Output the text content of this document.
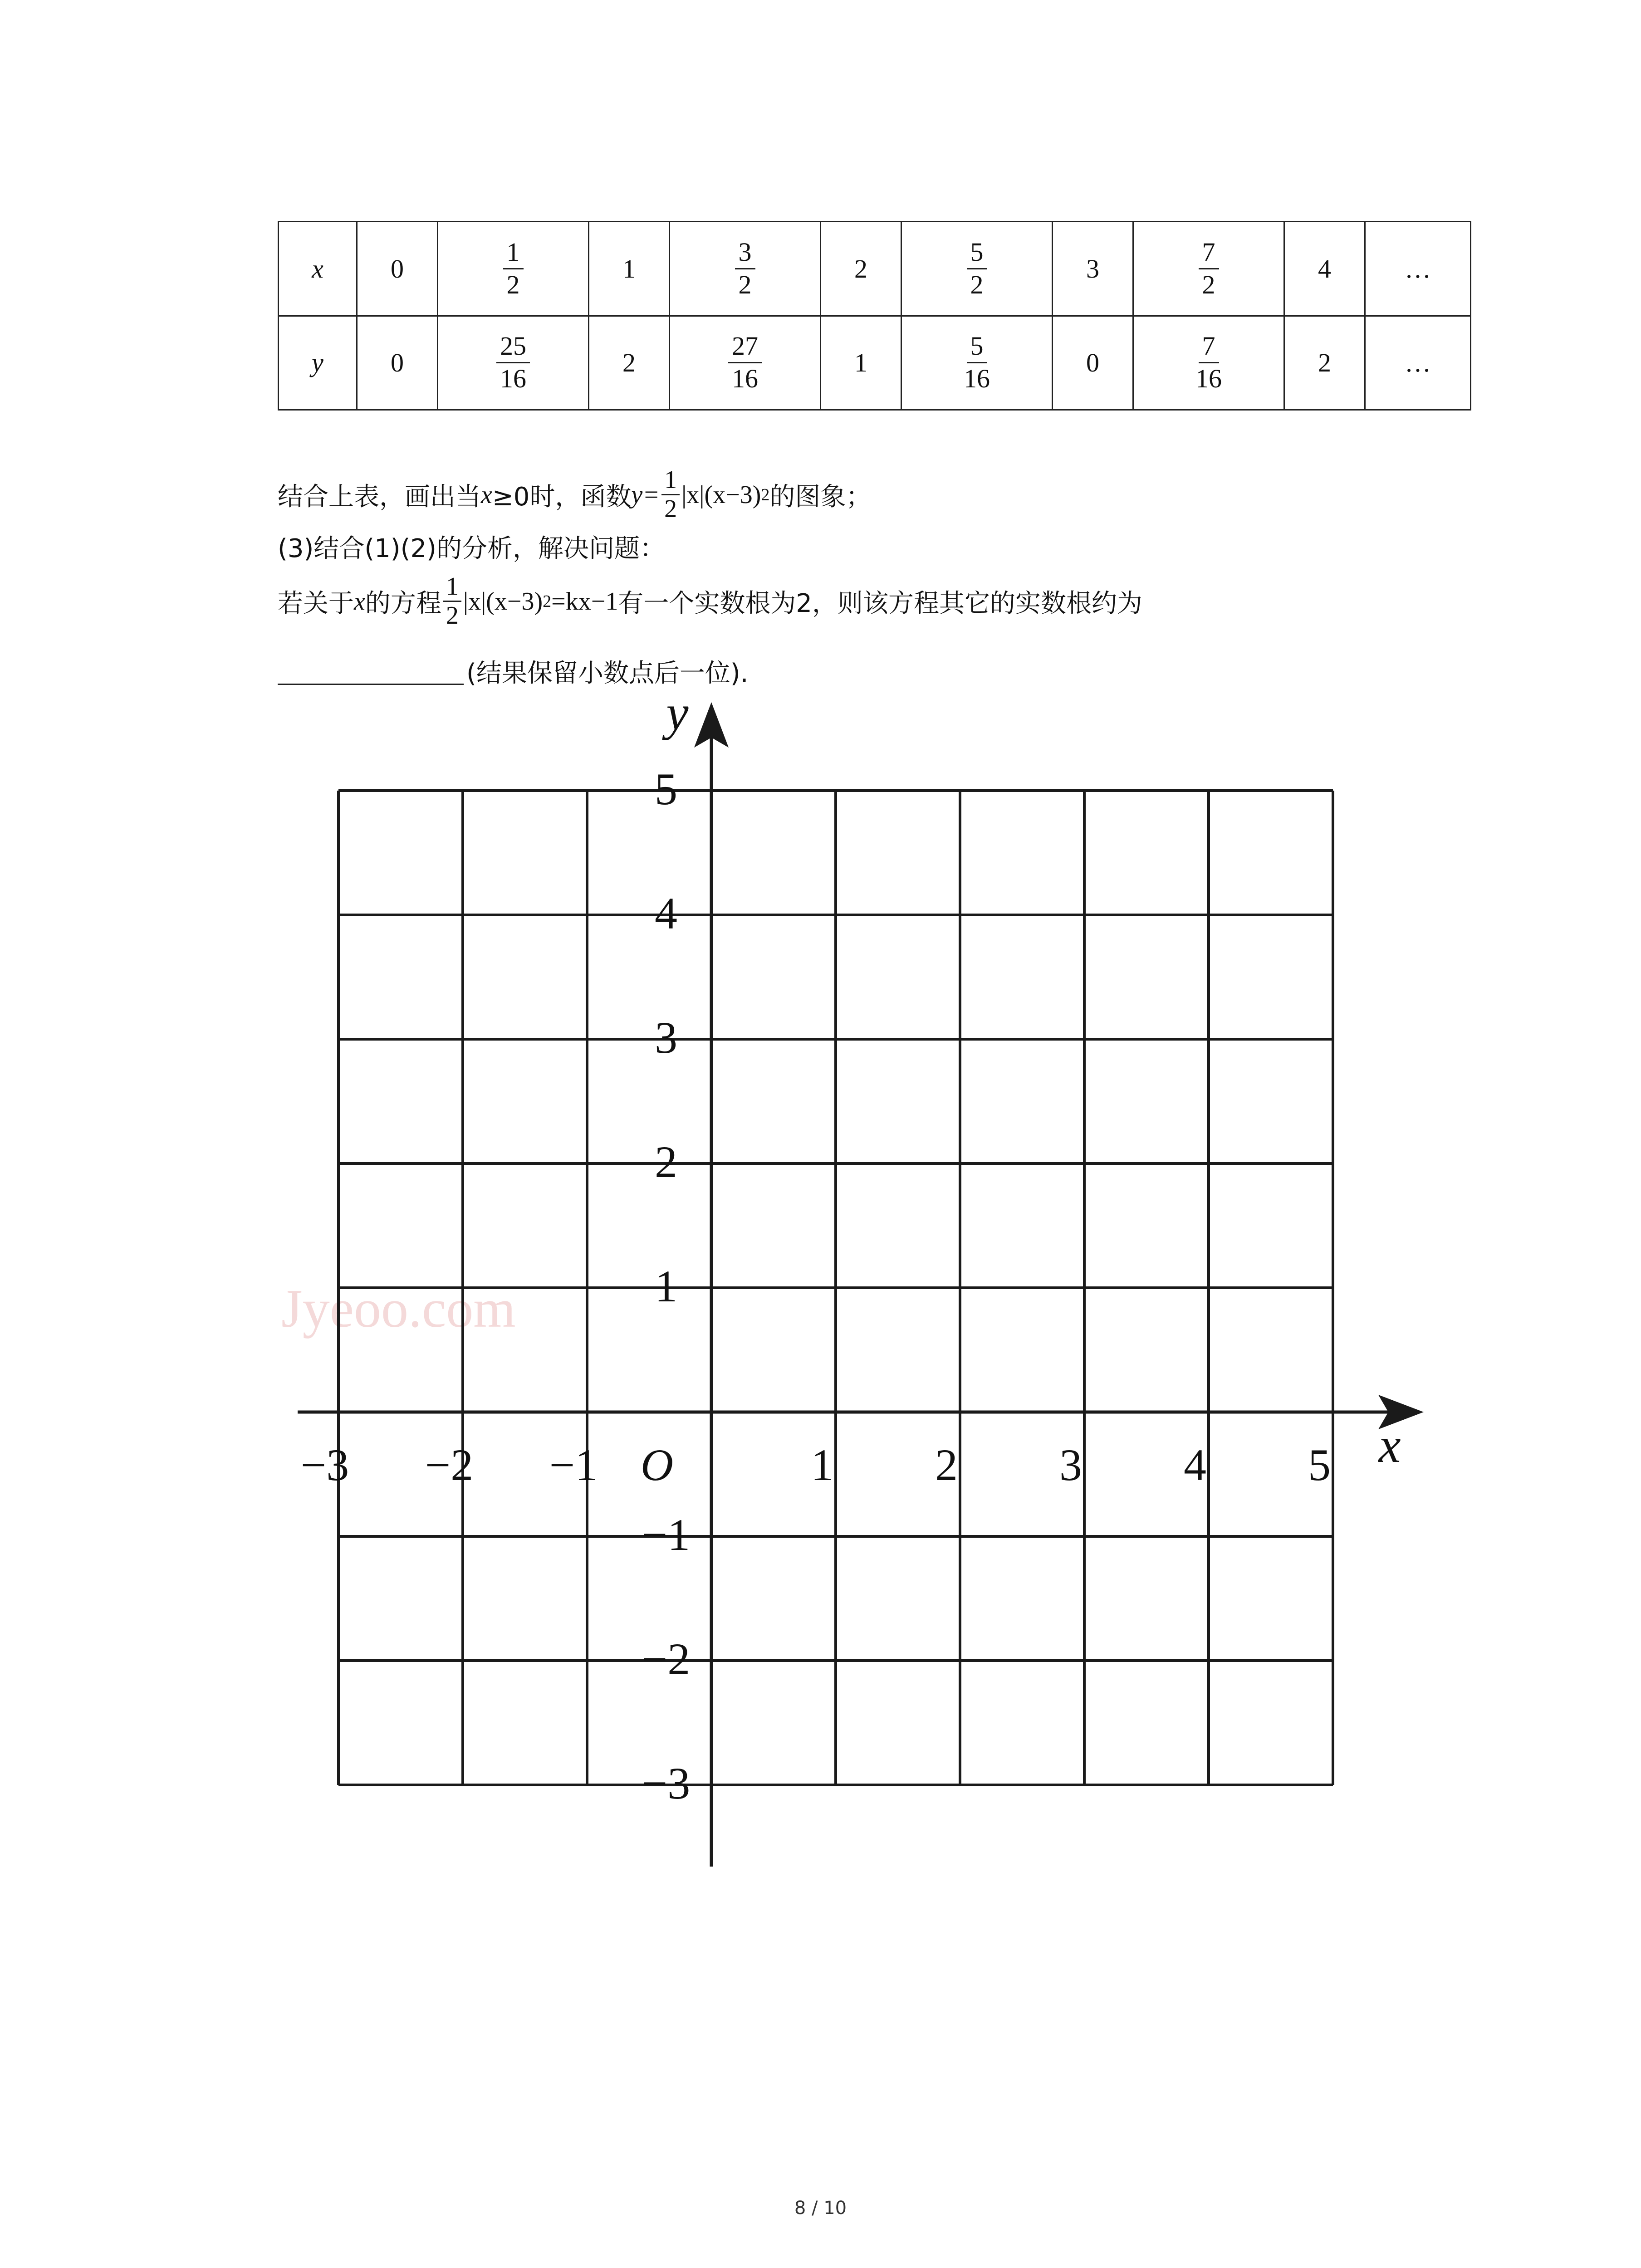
x	0	$\frac{1}{2}$	1	$\frac{3}{2}$	2	$\frac{5}{2}$	3	$\frac{7}{2}$	4	…
y	0	$\frac{25}{16}$	2	$\frac{27}{16}$	1	$\frac{5}{16}$	0	$\frac{7}{16}$	2	…
结合上表，画出当 x ≥0时，函数 $y= \frac{1}{2} |x|(x-3)$ 2 的图象；
(3)结合(1)(2)的分析，解决问题：
若关于 x 的方程 $\frac{1}{2} |x|(x-3)$ 2 =kx−1 有一个实数根为2，则该方程其它的实数根约为
(结果保留小数点后一位).
Jyeoo.com
−3 −2 −1	1 2 3 4 5
5
4
3
2
1
−1
−2
−3
O	x
y
8 / 10
